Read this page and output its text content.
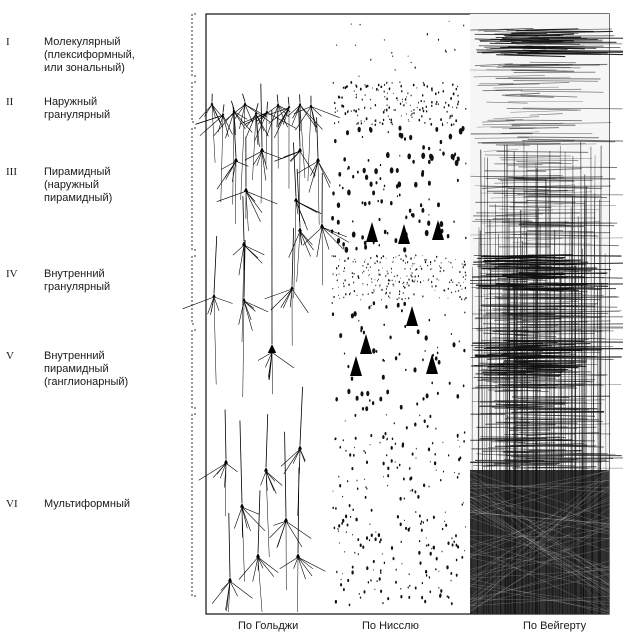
I	Молекулярный
(плексиформный,
или зональный)
II	Наружный
гранулярный
III Пирамидный
(наружный
пирамидный)
IV Внутренний
гранулярный
V	Внутренний
пирамидный
(ганглионарный)
VI Мультиформный
По Гольджи	По Нисслю	По Вейгерту
